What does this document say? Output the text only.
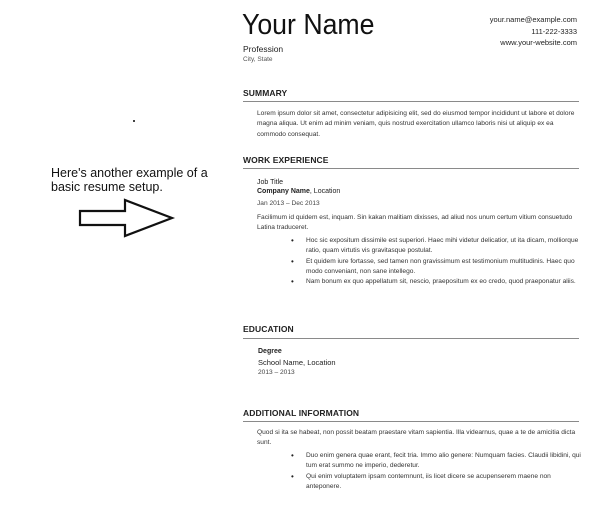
Here's another example of a basic resume setup.
Your Name
Profession
City, State
your.name@example.com
111-222-3333
www.your-website.com
SUMMARY
Lorem ipsum dolor sit amet, consectetur adipisicing elit, sed do eiusmod tempor incididunt ut labore et dolore magna aliqua. Ut enim ad minim veniam, quis nostrud exercitation ullamco laboris nisi ut aliquip ex ea commodo consequat.
WORK EXPERIENCE
Job Title
Company Name, Location
Jan 2013 – Dec 2013
Facilimum id quidem est, inquam. Sin kakan malitiam dixisses, ad aliud nos unum certum vitium consuetudo Latina traduceret.
• Hoc sic expositum dissimile est superiori. Haec mihi videtur delicatior, ut ita dicam, molliorque ratio, quam virtutis vis gravitasque postulat.
• Et quidem iure fortasse, sed tamen non gravissimum est testimonium multitudinis. Haec quo modo conveniant, non sane intellego.
• Nam bonum ex quo appellatum sit, nescio, praepositum ex eo credo, quod praeponatur aliis.
EDUCATION
Degree
School Name, Location
2013 – 2013
ADDITIONAL INFORMATION
Quod si ita se habeat, non possit beatam praestare vitam sapientia. Illa videarnus, quae a te de amicitia dicta sunt.
• Duo enim genera quae erant, fecit tria. Immo alio genere: Numquam facies. Claudii libidini, qui tum erat summo ne imperio, dederetur.
• Qui enim voluptatem ipsam contemnunt, iis licet dicere se acupenserem maene non anteponere.
